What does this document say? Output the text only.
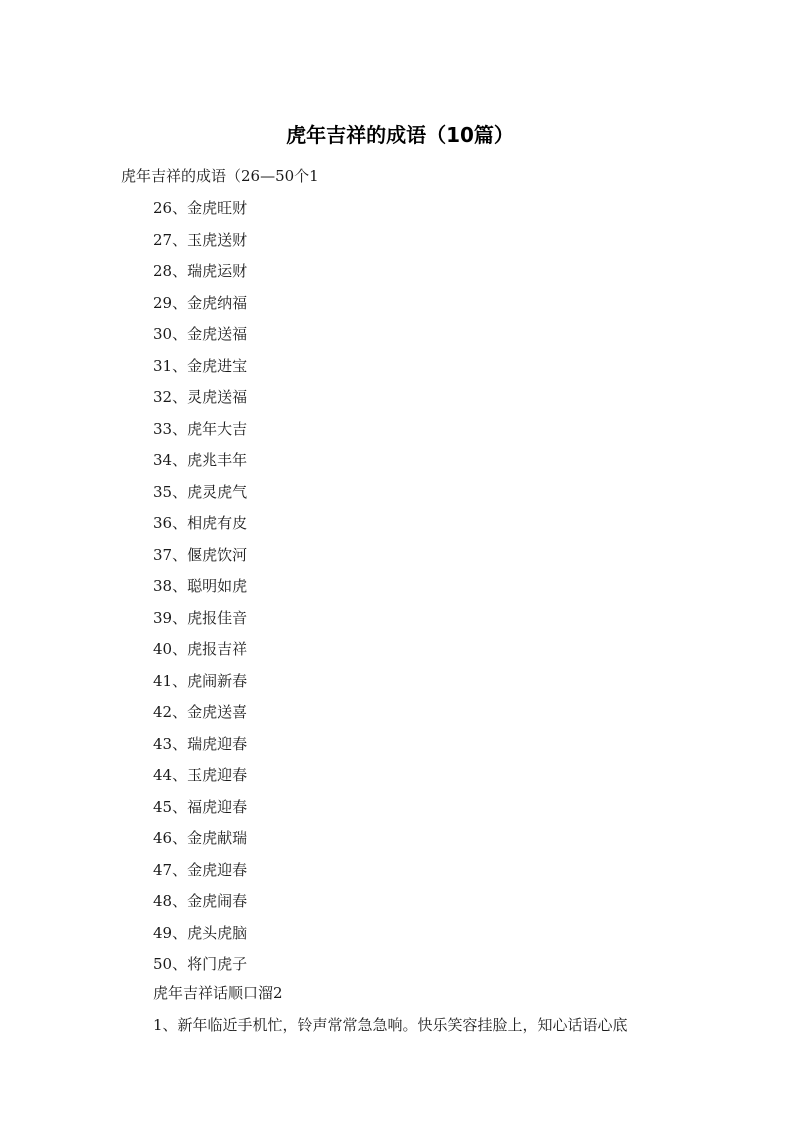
虎年吉祥的成语（10篇）
虎年吉祥的成语（26—50个1
26、金虎旺财
27、玉虎送财
28、瑞虎运财
29、金虎纳福
30、金虎送福
31、金虎进宝
32、灵虎送福
33、虎年大吉
34、虎兆丰年
35、虎灵虎气
36、相虎有皮
37、偃虎饮河
38、聪明如虎
39、虎报佳音
40、虎报吉祥
41、虎闹新春
42、金虎送喜
43、瑞虎迎春
44、玉虎迎春
45、福虎迎春
46、金虎献瑞
47、金虎迎春
48、金虎闹春
49、虎头虎脑
50、将门虎子
虎年吉祥话顺口溜2
1、新年临近手机忙，铃声常常急急响。快乐笑容挂脸上，知心话语心底
